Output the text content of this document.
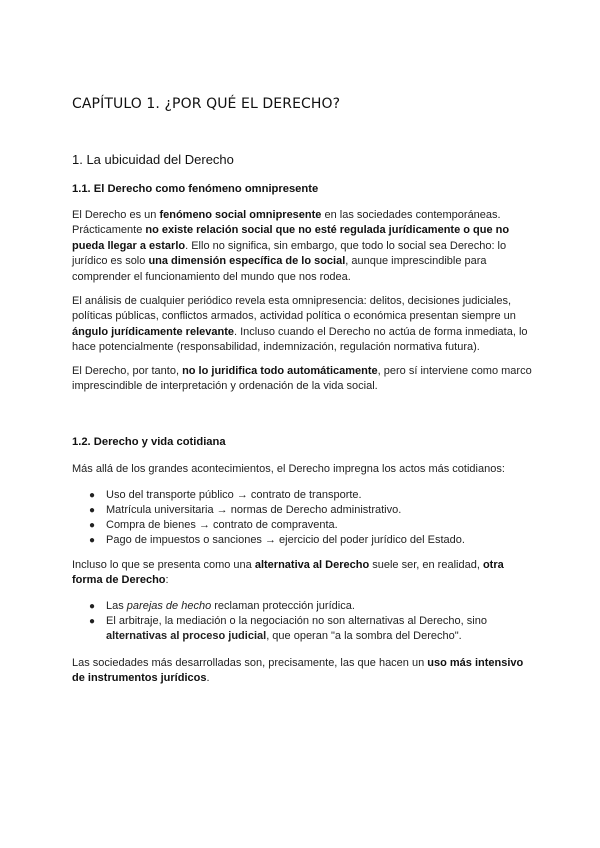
CAPÍTULO 1. ¿POR QUÉ EL DERECHO?
1. La ubicuidad del Derecho
1.1. El Derecho como fenómeno omnipresente

El Derecho es un fenómeno social omnipresente en las sociedades contemporáneas. Prácticamente no existe relación social que no esté regulada jurídicamente o que no pueda llegar a estarlo. Ello no significa, sin embargo, que todo lo social sea Derecho: lo jurídico es solo una dimensión específica de lo social, aunque imprescindible para comprender el funcionamiento del mundo que nos rodea.

El análisis de cualquier periódico revela esta omnipresencia: delitos, decisiones judiciales, políticas públicas, conflictos armados, actividad política o económica presentan siempre un ángulo jurídicamente relevante. Incluso cuando el Derecho no actúa de forma inmediata, lo hace potencialmente (responsabilidad, indemnización, regulación normativa futura).

El Derecho, por tanto, no lo juridifica todo automáticamente, pero sí interviene como marco imprescindible de interpretación y ordenación de la vida social.

1.2. Derecho y vida cotidiana

Más allá de los grandes acontecimientos, el Derecho impregna los actos más cotidianos:

● Uso del transporte público → contrato de transporte.
● Matrícula universitaria → normas de Derecho administrativo.
● Compra de bienes → contrato de compraventa.
● Pago de impuestos o sanciones → ejercicio del poder jurídico del Estado.

Incluso lo que se presenta como una alternativa al Derecho suele ser, en realidad, otra forma de Derecho:

● Las parejas de hecho reclaman protección jurídica.
● El arbitraje, la mediación o la negociación no son alternativas al Derecho, sino alternativas al proceso judicial, que operan "a la sombra del Derecho".

Las sociedades más desarrolladas son, precisamente, las que hacen un uso más intensivo de instrumentos jurídicos.
